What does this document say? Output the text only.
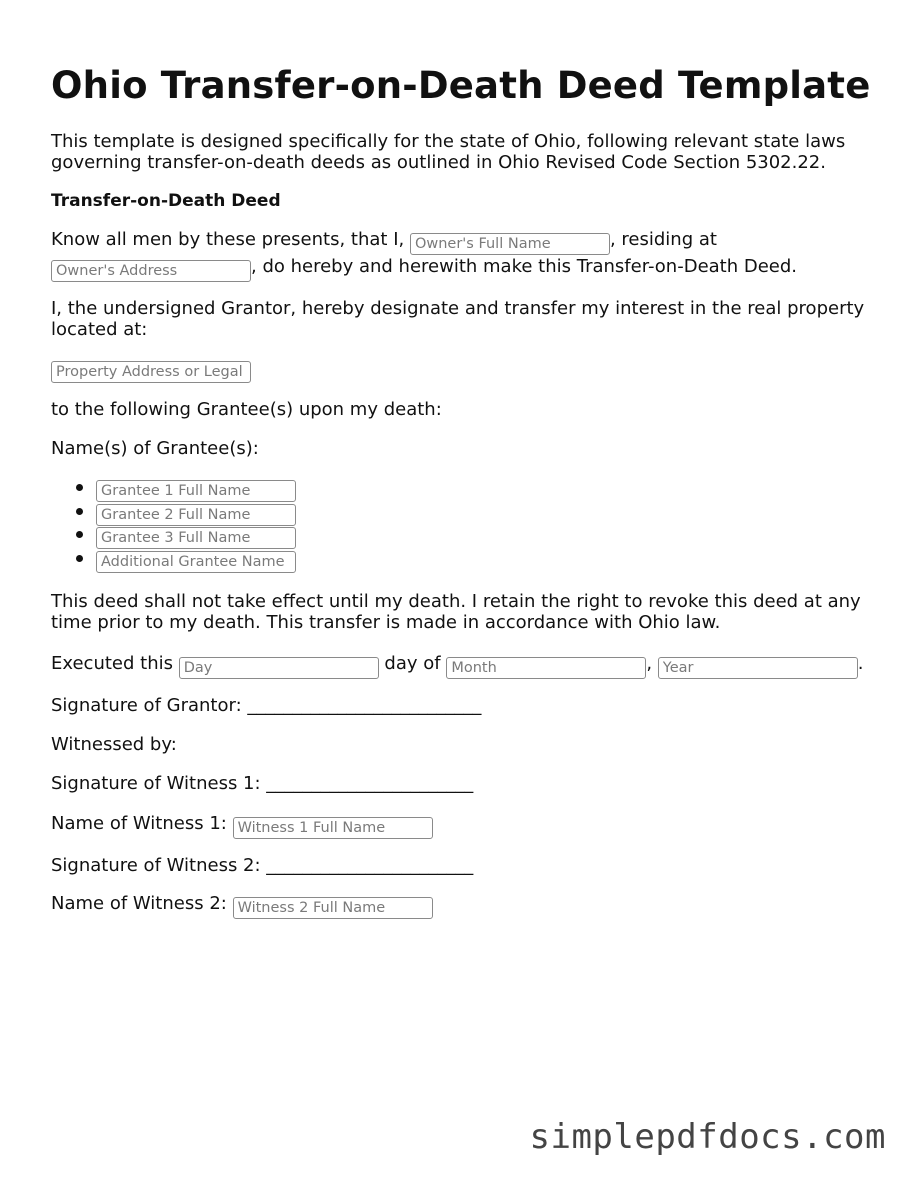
Ohio Transfer-on-Death Deed Template

This template is designed specifically for the state of Ohio, following relevant state laws governing transfer-on-death deeds as outlined in Ohio Revised Code Section 5302.22.

Transfer-on-Death Deed

Know all men by these presents, that I, Owner's Full Name	, residing at
Owner's Address, do hereby and herewith make this Transfer-on-Death Deed.

I, the undersigned Grantor, hereby designate and transfer my interest in the real property located at:

Property Address or Legal

to the following Grantee(s) upon my death:

Name(s) of Grantee(s):

Grantee 1 Full Name
Grantee 2 Full Name
Grantee 3 Full Name
Additional Grantee Name

This deed shall not take effect until my death. I retain the right to revoke this deed at any time prior to my death. This transfer is made in accordance with Ohio law.

Executed this Day	day of Month	, Year	.

Signature of Grantor: __________________________

Witnessed by:

Signature of Witness 1: _______________________

Name of Witness 1: Witness 1 Full Name

Signature of Witness 2: _______________________

Name of Witness 2: Witness 2 Full Name

simplepdfdocs.com
